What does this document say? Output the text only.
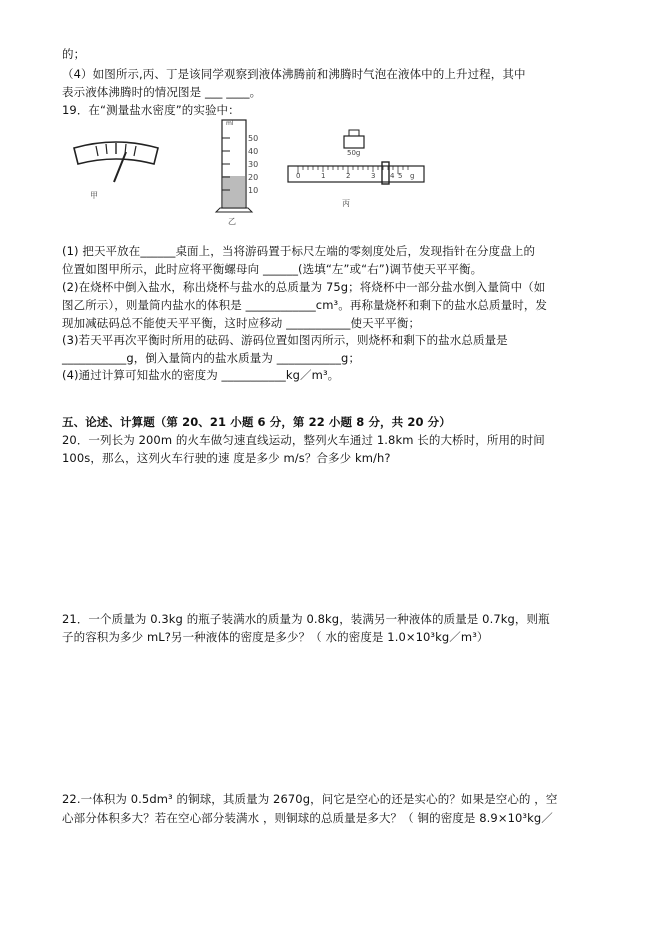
的；
（4）如图所示,丙、丁是该同学观察到液体沸腾前和沸腾时气泡在液体中的上升过程，其中
表示液体沸腾时的情况图是 ___ ____。
19．在“测量盐水密度”的实验中：
甲
ml
50
40
30
20
10
乙
50g
0	1	2	3 4 5 g
丙
(1) 把天平放在______桌面上，当将游码置于标尺左端的零刻度处后，发现指针在分度盘上的
位置如图甲所示，此时应将平衡螺母向 ______(选填“左”或“右”)调节使天平平衡。
(2)在烧杯中倒入盐水，称出烧杯与盐水的总质量为 75g；将烧杯中一部分盐水倒入量筒中（如
图乙所示），则量筒内盐水的体积是 ____________cm³。再称量烧杯和剩下的盐水总质量时，发
现加减砝码总不能使天平平衡，这时应移动 ___________使天平平衡；
(3)若天平再次平衡时所用的砝码、游码位置如图丙所示，则烧杯和剩下的盐水总质量是
___________g，倒入量筒内的盐水质量为 ___________g；
(4)通过计算可知盐水的密度为 ___________kg／m³。
五、论述、计算题（第 20、21 小题 6 分，第 22 小题 8 分，共 20 分）
20．一列长为 200m 的火车做匀速直线运动，整列火车通过 1.8km 长的大桥时，所用的时间
100s，那么，这列火车行驶的速 度是多少 m/s？合多少 km/h?
21．一个质量为 0.3kg 的瓶子装满水的质量为 0.8kg，装满另一种液体的质量是 0.7kg，则瓶
子的容积为多少 mL?另一种液体的密度是多少？（ 水的密度是 1.0×10³kg／m³）
22.一体积为 0.5dm³ 的铜球，其质量为 2670g，问它是空心的还是实心的？如果是空心的 ，空
心部分体积多大？若在空心部分装满水 ，则铜球的总质量是多大？（ 铜的密度是 8.9×10³kg／
